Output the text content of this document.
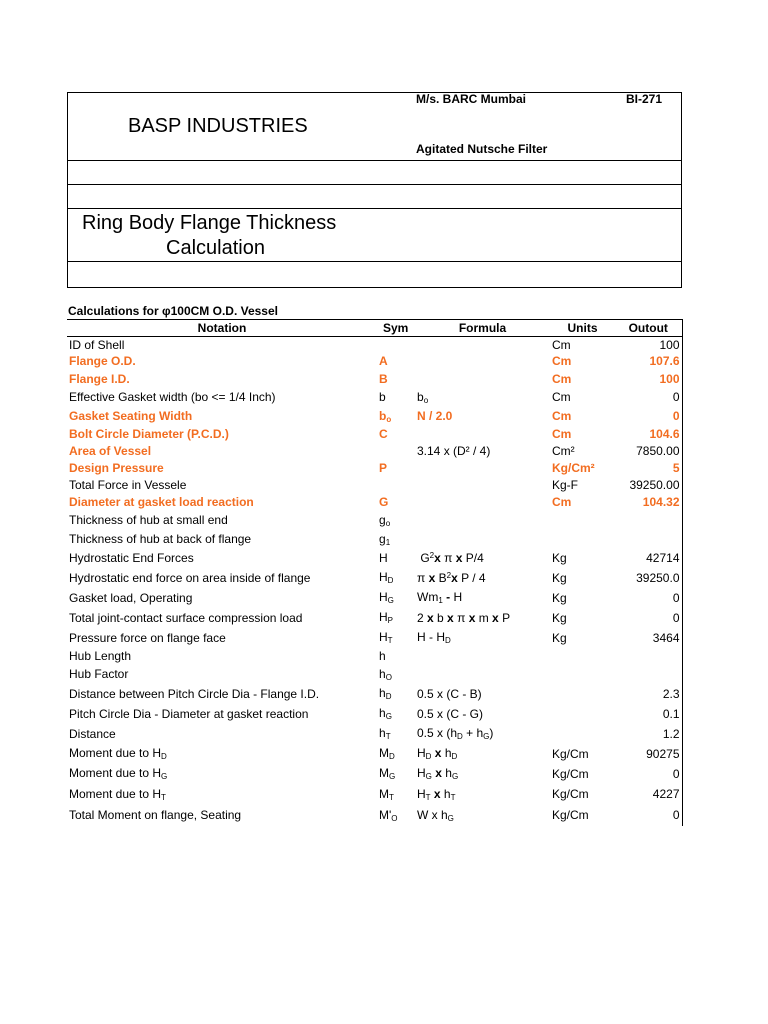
BASP INDUSTRIES
M/s. BARC Mumbai	BI-271
Agitated Nutsche Filter
Ring Body Flange Thickness
Calculation
Calculations for φ100CM O.D. Vessel
Notation	Sym	Formula	Units	Outout
ID of Shell			Cm	100
Flange O.D.	A		Cm	107.6
Flange I.D.	B		Cm	100
Effective Gasket width (bo <= 1/4 Inch)	b	$b_o$	Cm	0
Gasket Seating Width	$b_o$	N / 2.0	Cm	0
Bolt Circle Diameter (P.C.D.)	C		Cm	104.6
Area of Vessel		3.14 x (D² / 4)	Cm²	7850.00
Design Pressure	P		Kg/Cm²	5
Total Force in Vessele			Kg-F	39250.00
Diameter at gasket load reaction	G		Cm	104.32
Thickness of hub at small end	$g_o$			
Thickness of hub at back of flange	$g_1$			
Hydrostatic End Forces	H	$G^2x$ π x P/4	Kg	42714
Hydrostatic end force on area inside of flange	$H_D$	π x $B^2x$ P / 4	Kg	39250.0
Gasket load, Operating	$H_G$	$Wm_1$ - H	Kg	0
Total joint-contact surface compression load	$H_P$	2 x b x π x m x P	Kg	0
Pressure force on flange face	$H_T$	H - $H_D$	Kg	3464
Hub Length	h			
Hub Factor	$h_O$			
Distance between Pitch Circle Dia - Flange I.D.	$h_D$	0.5 x (C - B)		2.3
Pitch Circle Dia - Diameter at gasket reaction	$h_G$	0.5 x (C - G)		0.1
Distance	$h_T$	0.5 x $(h_D + h_G)$		1.2
Moment due to $H_D$	$M_D$	$H_D$ x $h_D$	Kg/Cm	90275
Moment due to $H_G$	$M_G$	$H_G$ x $h_G$	Kg/Cm	0
Moment due to $H_T$	$M_T$	$H_T$ x $h_T$	Kg/Cm	4227
Total Moment on flange, Seating	$M'_O$	W x $h_G$	Kg/Cm	0
